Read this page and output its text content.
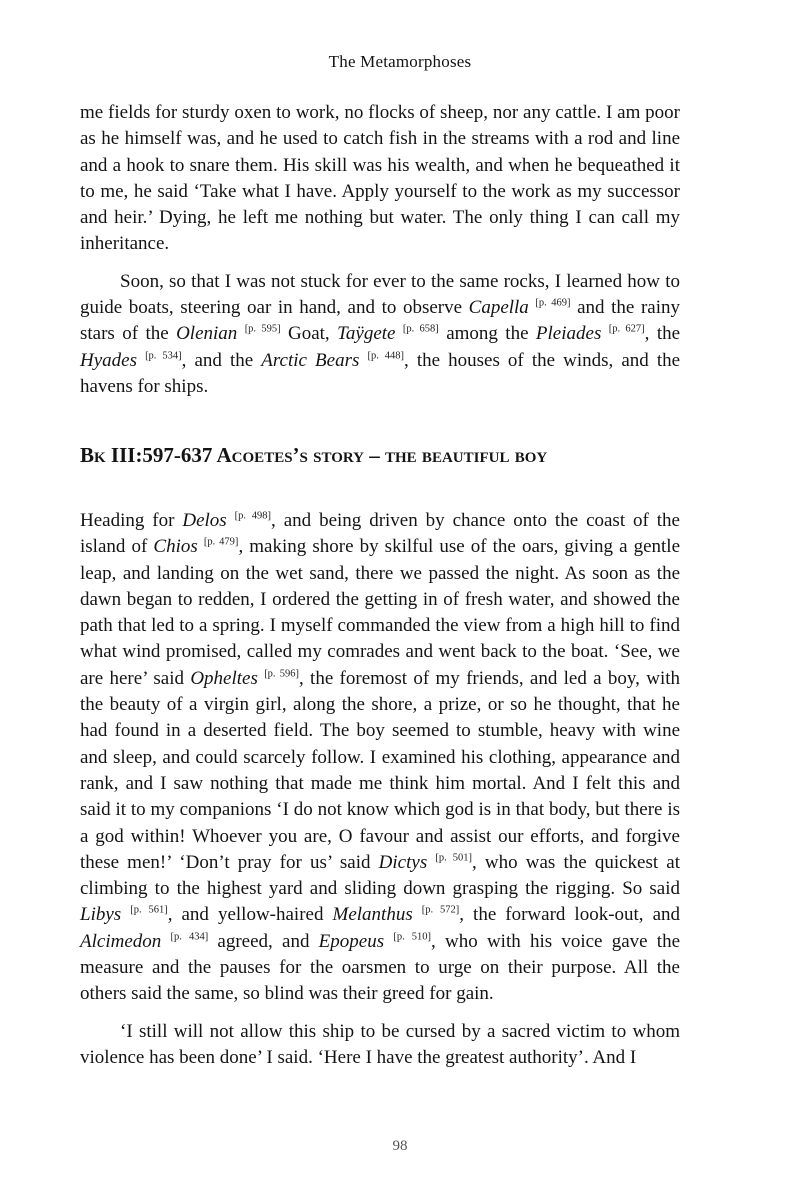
The Metamorphoses

me fields for sturdy oxen to work, no flocks of sheep, nor any cattle. I am poor as he himself was, and he used to catch fish in the streams with a rod and line and a hook to snare them. His skill was his wealth, and when he bequeathed it to me, he said ‘Take what I have. Apply yourself to the work as my successor and heir.’ Dying, he left me nothing but water. The only thing I can call my inheritance.

Soon, so that I was not stuck for ever to the same rocks, I learned how to guide boats, steering oar in hand, and to observe Capella [p. 469] and the rainy stars of the Olenian [p. 595] Goat, Taÿgete [p. 658] among the Pleiades [p. 627], the Hyades [p. 534], and the Arctic Bears [p. 448], the houses of the winds, and the havens for ships.

Bk III:597-637 Acoetes’s story – the beautiful boy

Heading for Delos [p. 498], and being driven by chance onto the coast of the island of Chios [p. 479], making shore by skilful use of the oars, giving a gentle leap, and landing on the wet sand, there we passed the night. As soon as the dawn began to redden, I ordered the getting in of fresh water, and showed the path that led to a spring. I myself commanded the view from a high hill to find what wind promised, called my comrades and went back to the boat. ‘See, we are here’ said Opheltes [p. 596], the foremost of my friends, and led a boy, with the beauty of a virgin girl, along the shore, a prize, or so he thought, that he had found in a deserted field. The boy seemed to stumble, heavy with wine and sleep, and could scarcely follow. I examined his clothing, appearance and rank, and I saw nothing that made me think him mortal. And I felt this and said it to my companions ‘I do not know which god is in that body, but there is a god within! Whoever you are, O favour and assist our efforts, and forgive these men!’ ‘Don’t pray for us’ said Dictys [p. 501], who was the quickest at climbing to the highest yard and sliding down grasping the rigging. So said Libys [p. 561], and yellow-haired Melanthus [p. 572], the forward look-out, and Alcimedon [p. 434] agreed, and Epopeus [p. 510], who with his voice gave the measure and the pauses for the oarsmen to urge on their purpose. All the others said the same, so blind was their greed for gain.

‘I still will not allow this ship to be cursed by a sacred victim to whom violence has been done’ I said. ‘Here I have the greatest authority’. And I

98
